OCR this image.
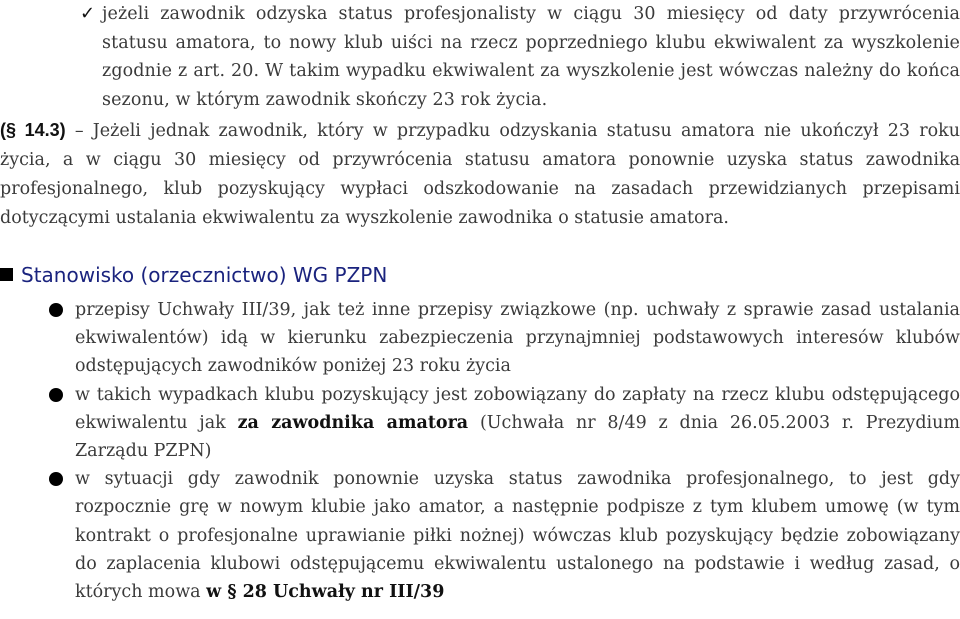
✓ jeżeli zawodnik odzyska status profesjonalisty w ciągu 30 miesięcy od daty przywrócenia statusu amatora, to nowy klub uiści na rzecz poprzedniego klubu ekwiwalent za wyszkolenie zgodnie z art. 20. W takim wypadku ekwiwalent za wyszkolenie jest wówczas należny do końca sezonu, w którym zawodnik skończy 23 rok życia.
(§ 14.3) – Jeżeli jednak zawodnik, który w przypadku odzyskania statusu amatora nie ukończył 23 roku życia, a w ciągu 30 miesięcy od przywrócenia statusu amatora ponownie uzyska status zawodnika profesjonalnego, klub pozyskujący wypłaci odszkodowanie na zasadach przewidzianych przepisami dotyczącymi ustalania ekwiwalentu za wyszkolenie zawodnika o statusie amatora.
Stanowisko (orzecznictwo) WG PZPN
przepisy Uchwały III/39, jak też inne przepisy związkowe (np. uchwały z sprawie zasad ustalania ekwiwalentów) idą w kierunku zabezpieczenia przynajmniej podstawowych interesów klubów odstępujących zawodników poniżej 23 roku życia
w takich wypadkach klubu pozyskujący jest zobowiązany do zapłaty na rzecz klubu odstępującego ekwiwalentu jak za zawodnika amatora (Uchwała nr 8/49 z dnia 26.05.2003 r. Prezydium Zarządu PZPN)
w sytuacji gdy zawodnik ponownie uzyska status zawodnika profesjonalnego, to jest gdy rozpocznie grę w nowym klubie jako amator, a następnie podpisze z tym klubem umowę (w tym kontrakt o profesjonalne uprawianie piłki nożnej) wówczas klub pozyskujący będzie zobowiązany do zaplacenia klubowi odstępującemu ekwiwalentu ustalonego na podstawie i według zasad, o których mowa w § 28 Uchwały nr III/39
